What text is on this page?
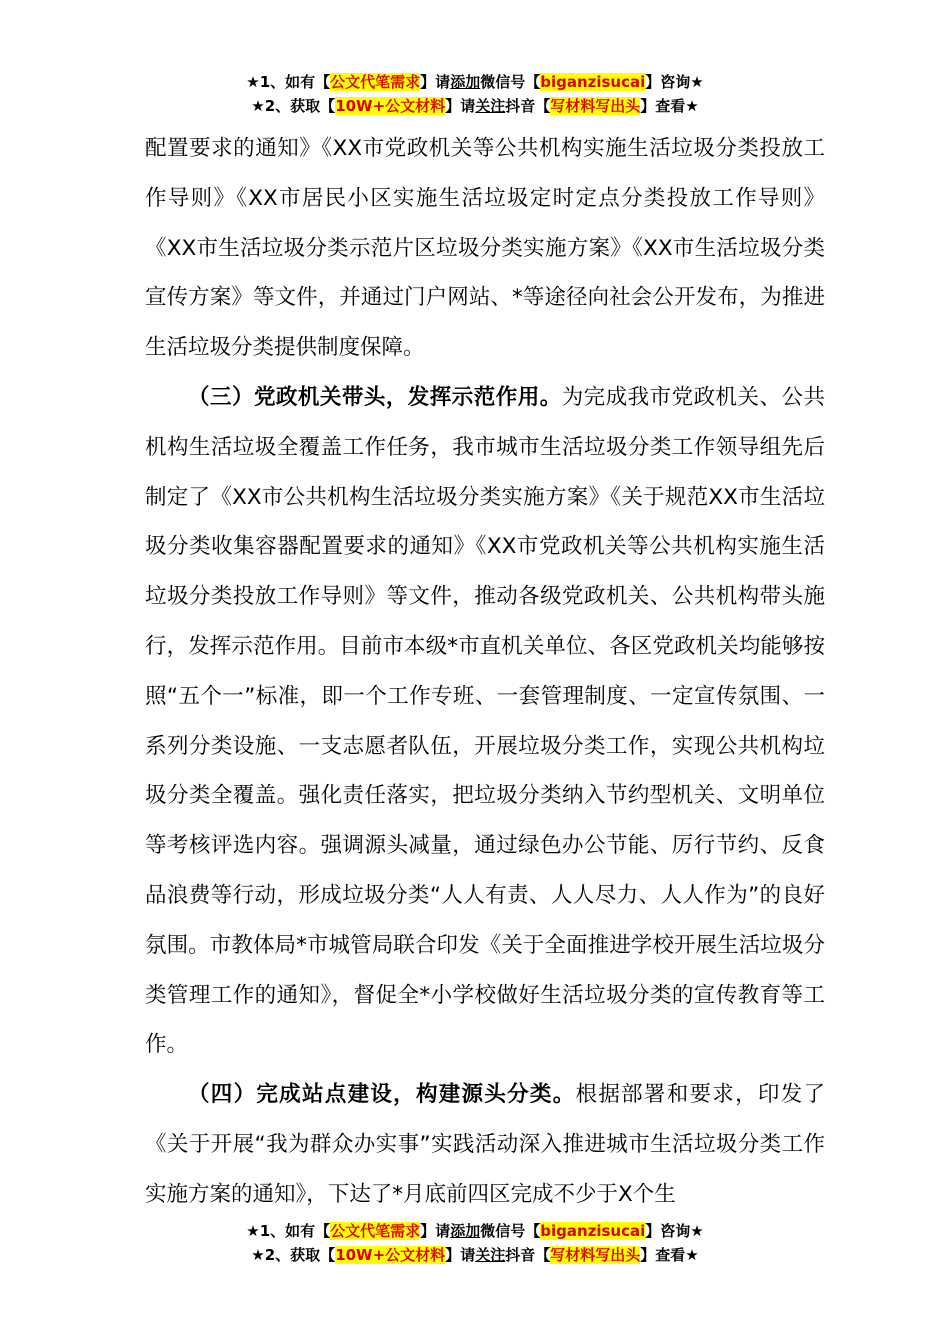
★1、如有【公文代笔需求】请添加微信号【biganzisucai】咨询★
★2、获取【10W+公文材料】请关注抖音【写材料写出头】查看★

配置要求的通知》《XX市党政机关等公共机构实施生活垃圾分类投放工作导则》《XX市居民小区实施生活垃圾定时定点分类投放工作导则》《XX市生活垃圾分类示范片区垃圾分类实施方案》《XX市生活垃圾分类宣传方案》等文件，并通过门户网站、*等途径向社会公开发布，为推进生活垃圾分类提供制度保障。

（三）党政机关带头，发挥示范作用。为完成我市党政机关、公共机构生活垃圾全覆盖工作任务，我市城市生活垃圾分类工作领导组先后制定了《XX市公共机构生活垃圾分类实施方案》《关于规范XX市生活垃圾分类收集容器配置要求的通知》《XX市党政机关等公共机构实施生活垃圾分类投放工作导则》等文件，推动各级党政机关、公共机构带头施行，发挥示范作用。目前市本级*市直机关单位、各区党政机关均能够按照“五个一”标准，即一个工作专班、一套管理制度、一定宣传氛围、一系列分类设施、一支志愿者队伍，开展垃圾分类工作，实现公共机构垃圾分类全覆盖。强化责任落实，把垃圾分类纳入节约型机关、文明单位等考核评选内容。强调源头减量，通过绿色办公节能、厉行节约、反食品浪费等行动，形成垃圾分类“人人有责、人人尽力、人人作为”的良好氛围。市教体局*市城管局联合印发《关于全面推进学校开展生活垃圾分类管理工作的通知》，督促全*小学校做好生活垃圾分类的宣传教育等工作。

（四）完成站点建设，构建源头分类。根据部署和要求，印发了《关于开展“我为群众办实事”实践活动深入推进城市生活垃圾分类工作实施方案的通知》，下达了*月底前四区完成不少于X个生

★1、如有【公文代笔需求】请添加微信号【biganzisucai】咨询★
★2、获取【10W+公文材料】请关注抖音【写材料写出头】查看★
